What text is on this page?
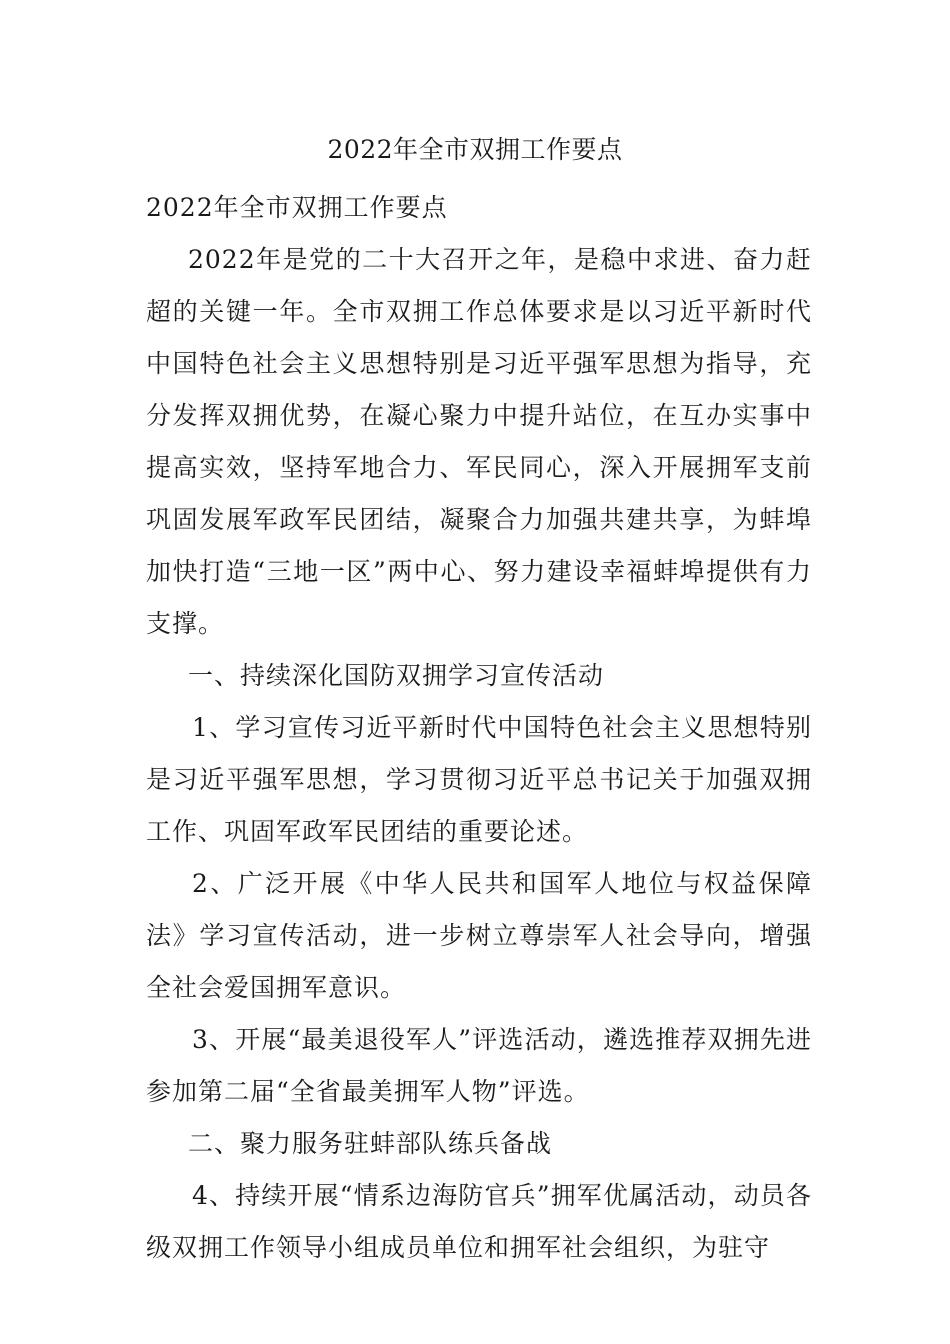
2022年全市双拥工作要点

2022年全市双拥工作要点

2022年是党的二十大召开之年，是稳中求进、奋力赶超的关键一年。全市双拥工作总体要求是以习近平新时代中国特色社会主义思想特别是习近平强军思想为指导，充分发挥双拥优势，在凝心聚力中提升站位，在互办实事中提高实效，坚持军地合力、军民同心，深入开展拥军支前巩固发展军政军民团结，凝聚合力加强共建共享，为蚌埠加快打造“三地一区”两中心、努力建设幸福蚌埠提供有力支撑。

一、持续深化国防双拥学习宣传活动

1、学习宣传习近平新时代中国特色社会主义思想特别是习近平强军思想，学习贯彻习近平总书记关于加强双拥工作、巩固军政军民团结的重要论述。

2、广泛开展《中华人民共和国军人地位与权益保障法》学习宣传活动，进一步树立尊崇军人社会导向，增强全社会爱国拥军意识。

3、开展“最美退役军人”评选活动，遴选推荐双拥先进参加第二届“全省最美拥军人物”评选。

二、聚力服务驻蚌部队练兵备战

4、持续开展“情系边海防官兵”拥军优属活动，动员各级双拥工作领导小组成员单位和拥军社会组织，为驻守
